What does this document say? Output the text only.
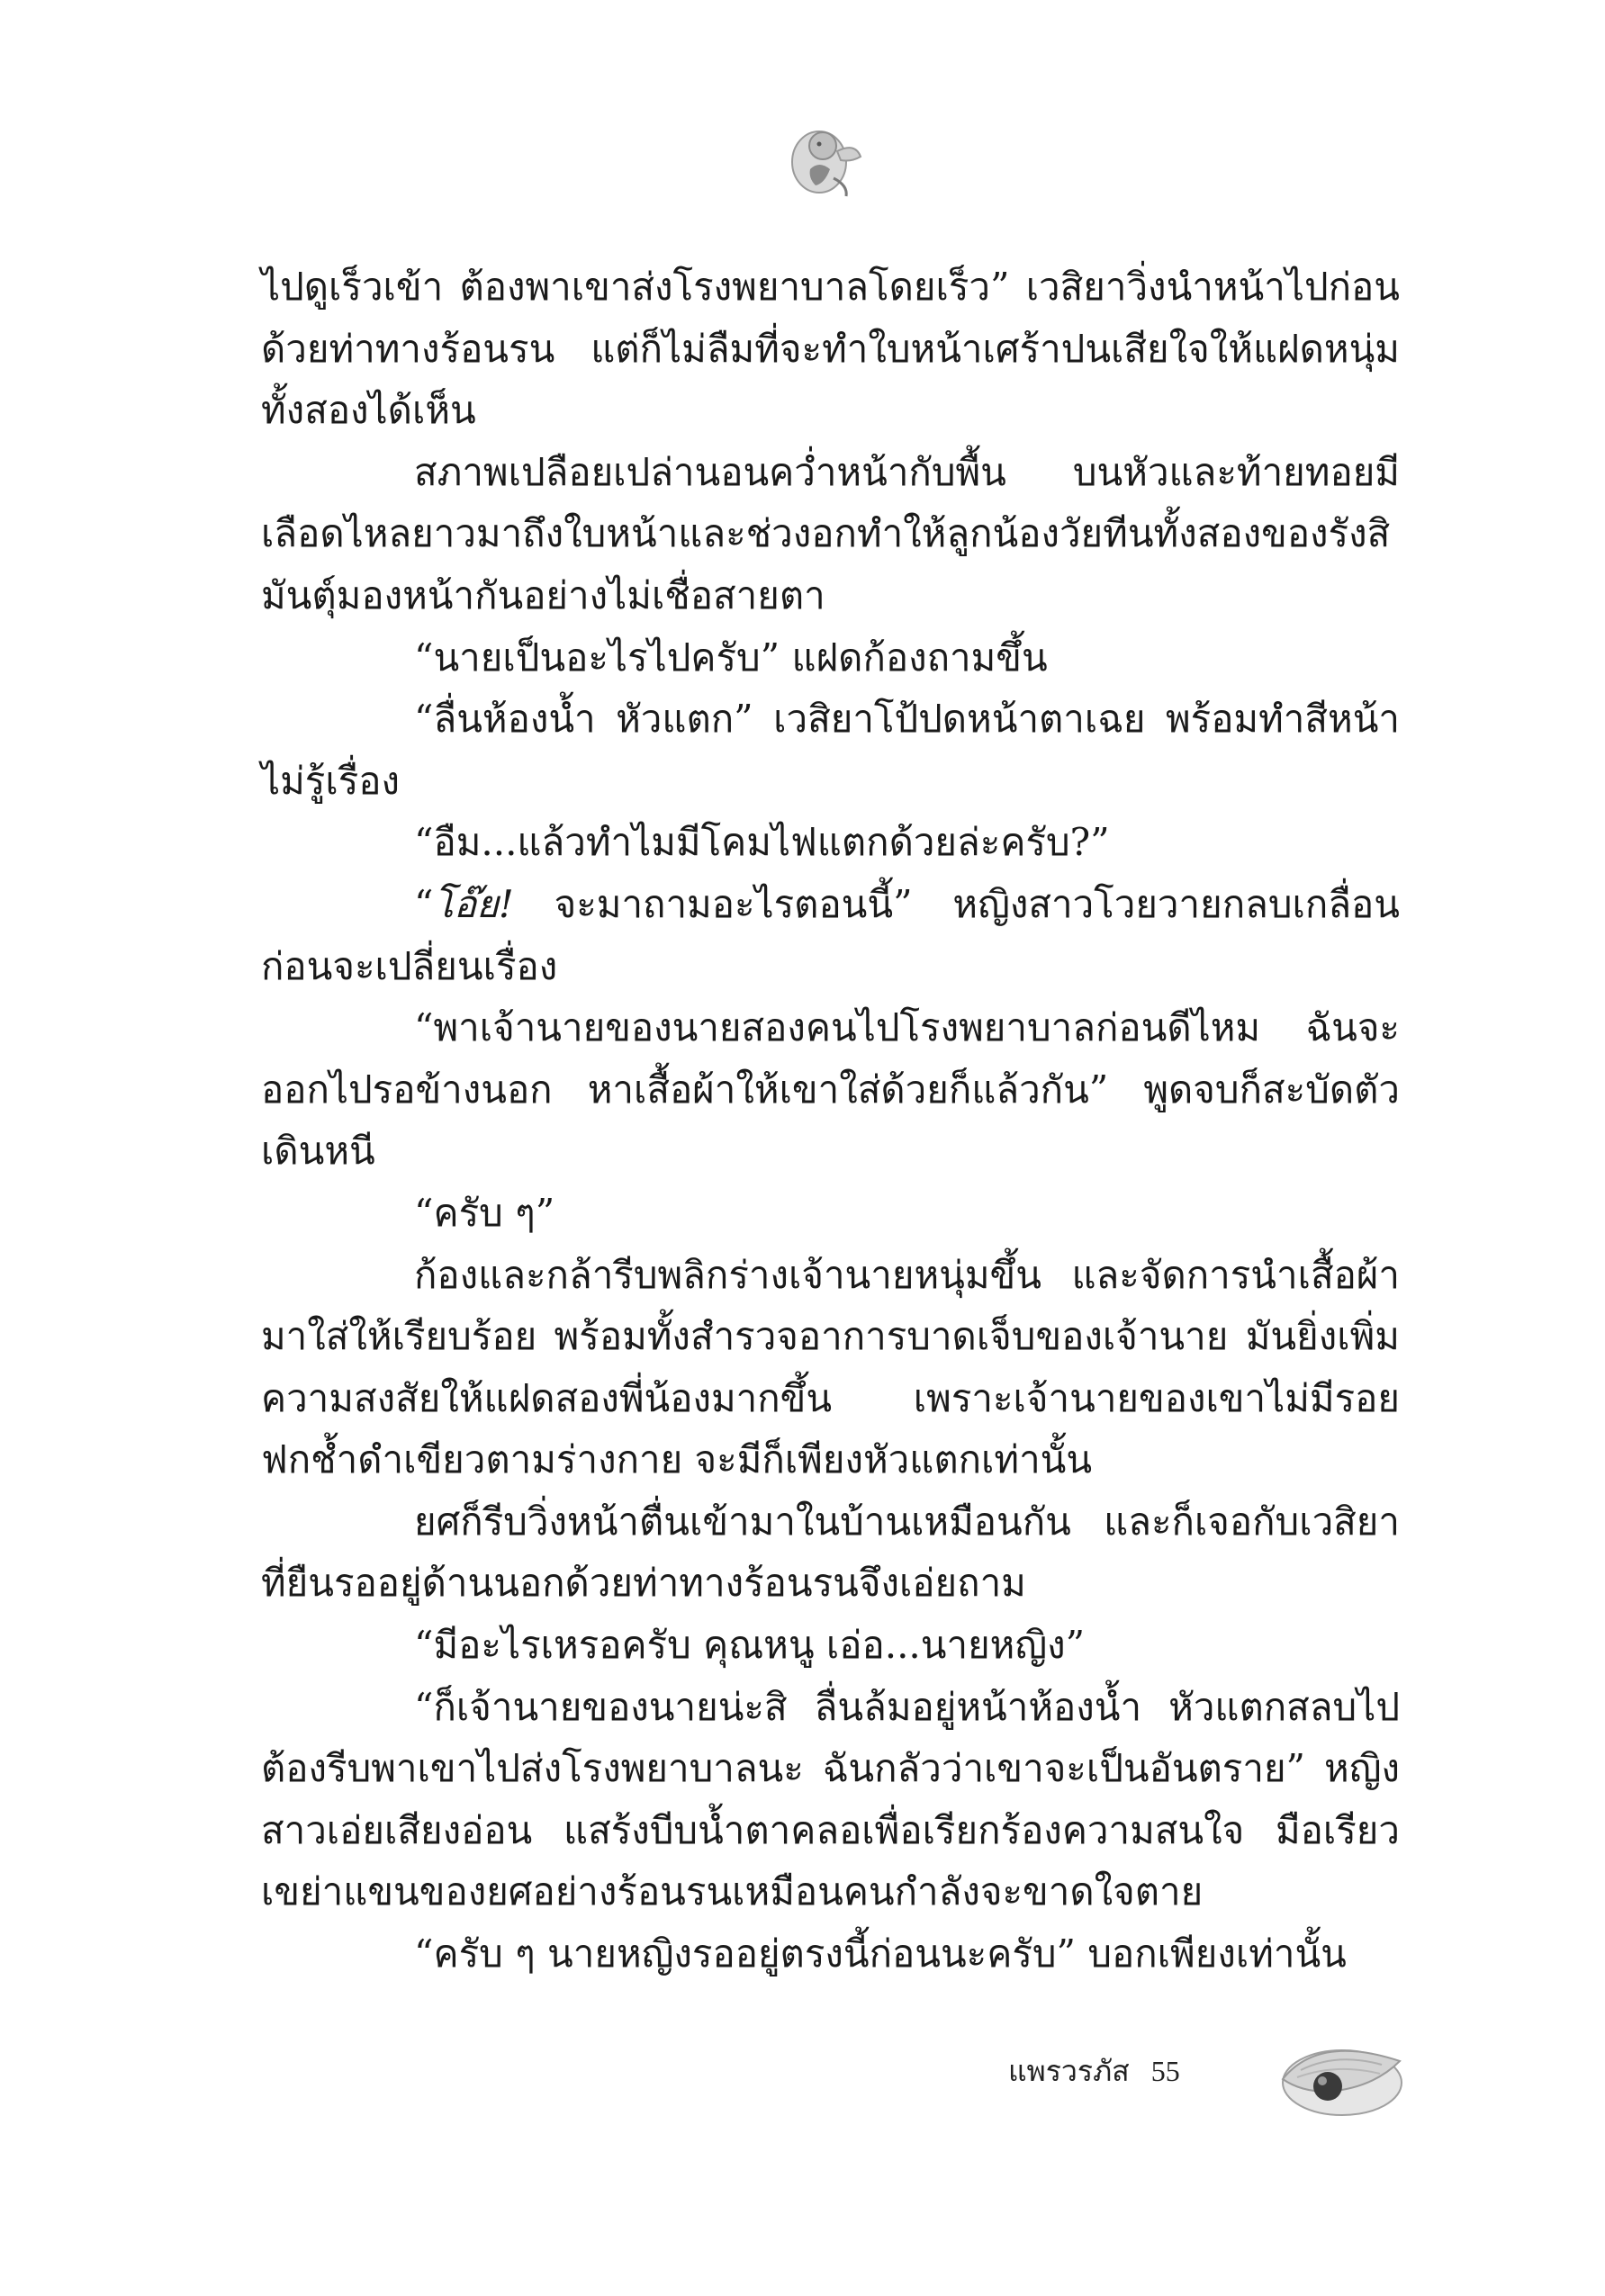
ไปดูเร็วเข้า ต้องพาเขาส่งโรงพยาบาลโดยเร็ว” เวสิยาวิ่งนำหน้าไปก่อนด้วยท่าทางร้อนรน แต่ก็ไม่ลืมที่จะทำใบหน้าเศร้าปนเสียใจให้แฝดหนุ่มทั้งสองได้เห็น

สภาพเปลือยเปล่านอนคว่ำหน้ากับพื้น บนหัวและท้ายทอยมีเลือดไหลยาวมาถึงใบหน้าและช่วงอกทำให้ลูกน้องวัยทีนทั้งสองของรังสิมันตุ์มองหน้ากันอย่างไม่เชื่อสายตา

“นายเป็นอะไรไปครับ” แฝดก้องถามขึ้น

“ลื่นห้องน้ำ หัวแตก” เวสิยาโป้ปดหน้าตาเฉย พร้อมทำสีหน้าไม่รู้เรื่อง

“อืม...แล้วทำไมมีโคมไฟแตกด้วยล่ะครับ?”

“โอ๊ย! จะมาถามอะไรตอนนี้” หญิงสาวโวยวายกลบเกลื่อนก่อนจะเปลี่ยนเรื่อง

“พาเจ้านายของนายสองคนไปโรงพยาบาลก่อนดีไหม ฉันจะออกไปรอข้างนอก หาเสื้อผ้าให้เขาใส่ด้วยก็แล้วกัน” พูดจบก็สะบัดตัวเดินหนี

“ครับ ๆ”

ก้องและกล้ารีบพลิกร่างเจ้านายหนุ่มขึ้น และจัดการนำเสื้อผ้ามาใส่ให้เรียบร้อย พร้อมทั้งสำรวจอาการบาดเจ็บของเจ้านาย มันยิ่งเพิ่มความสงสัยให้แฝดสองพี่น้องมากขึ้น เพราะเจ้านายของเขาไม่มีรอยฟกช้ำดำเขียวตามร่างกาย จะมีก็เพียงหัวแตกเท่านั้น

ยศก็รีบวิ่งหน้าตื่นเข้ามาในบ้านเหมือนกัน และก็เจอกับเวสิยาที่ยืนรออยู่ด้านนอกด้วยท่าทางร้อนรนจึงเอ่ยถาม

“มีอะไรเหรอครับ คุณหนู เอ่อ...นายหญิง”

“ก็เจ้านายของนายน่ะสิ ลื่นล้มอยู่หน้าห้องน้ำ หัวแตกสลบไปต้องรีบพาเขาไปส่งโรงพยาบาลนะ ฉันกลัวว่าเขาจะเป็นอันตราย” หญิงสาวเอ่ยเสียงอ่อน แสร้งบีบน้ำตาคลอเพื่อเรียกร้องความสนใจ มือเรียวเขย่าแขนของยศอย่างร้อนรนเหมือนคนกำลังจะขาดใจตาย

“ครับ ๆ นายหญิงรออยู่ตรงนี้ก่อนนะครับ” บอกเพียงเท่านั้น

แพรวรภัส 55
